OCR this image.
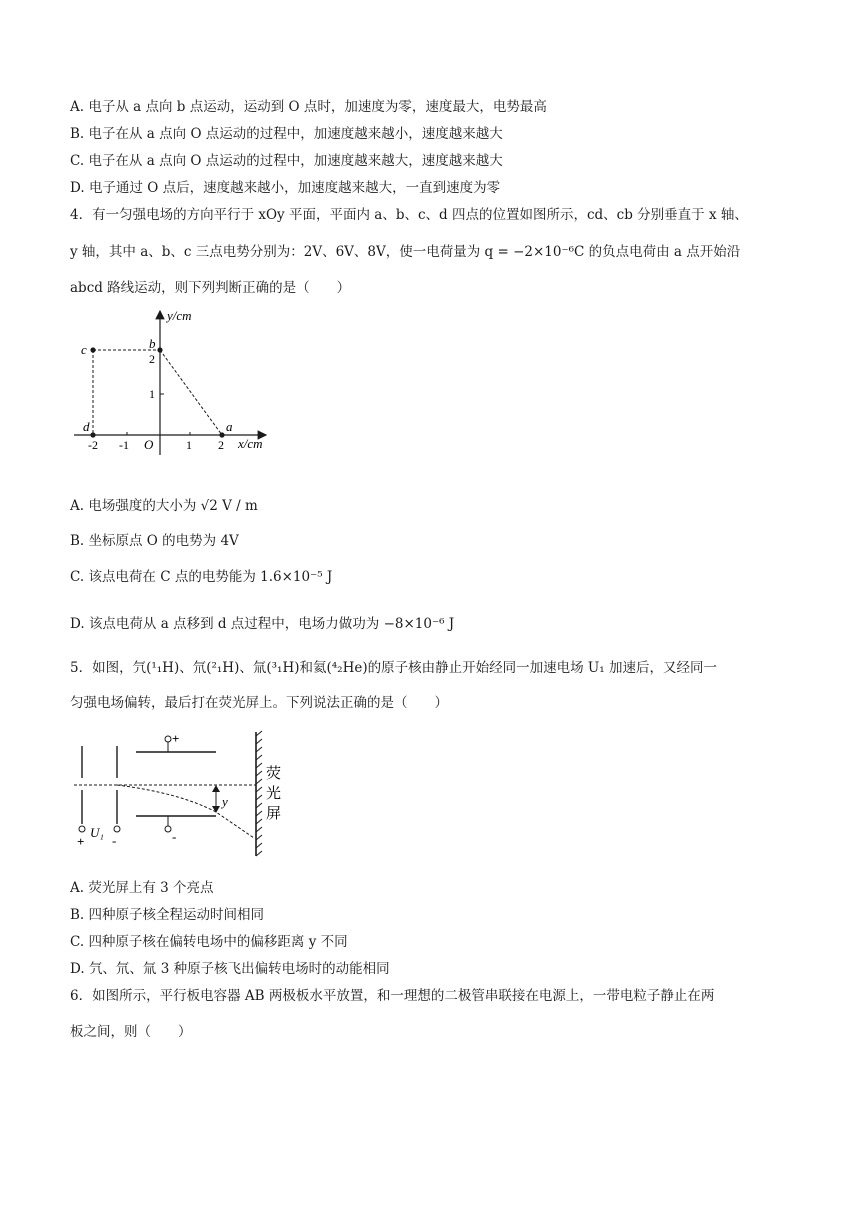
A. 电子从 a 点向 b 点运动，运动到 O 点时，加速度为零，速度最大，电势最高
B. 电子在从 a 点向 O 点运动的过程中，加速度越来越小，速度越来越大
C. 电子在从 a 点向 O 点运动的过程中，加速度越来越大，速度越来越大
D. 电子通过 O 点后，速度越来越小，加速度越来越大，一直到速度为零
4．有一匀强电场的方向平行于 xOy 平面，平面内 a、b、c、d 四点的位置如图所示，cd、cb 分别垂直于 x 轴、
y 轴，其中 a、b、c 三点电势分别为：2V、6V、8V，使一电荷量为 q = −2×10⁻⁶C 的负点电荷由 a 点开始沿
abcd 路线运动，则下列判断正确的是（　　）
y/cm
x/cm
O
-2 -1	1 2
1
2
c	b
a
d
A. 电场强度的大小为 √2 V / m
B. 坐标原点 O 的电势为 4V
C. 该点电荷在 C 点的电势能为 1.6×10⁻⁵ J
D. 该点电荷从 a 点移到 d 点过程中，电场力做功为 −8×10⁻⁶ J
5．如图，氕(¹₁H)、氘(²₁H)、氚(³₁H)和氦(⁴₂He)的原子核由静止开始经同一加速电场 U₁ 加速后，又经同一
匀强电场偏转，最后打在荧光屏上。下列说法正确的是（　　）
+
U₁
-
+
-
y
荧
光
屏
A. 荧光屏上有 3 个亮点
B. 四种原子核全程运动时间相同
C. 四种原子核在偏转电场中的偏移距离 y 不同
D. 氕、氘、氚 3 种原子核飞出偏转电场时的动能相同
6．如图所示，平行板电容器 AB 两极板水平放置，和一理想的二极管串联接在电源上，一带电粒子静止在两
板之间，则（　　）
